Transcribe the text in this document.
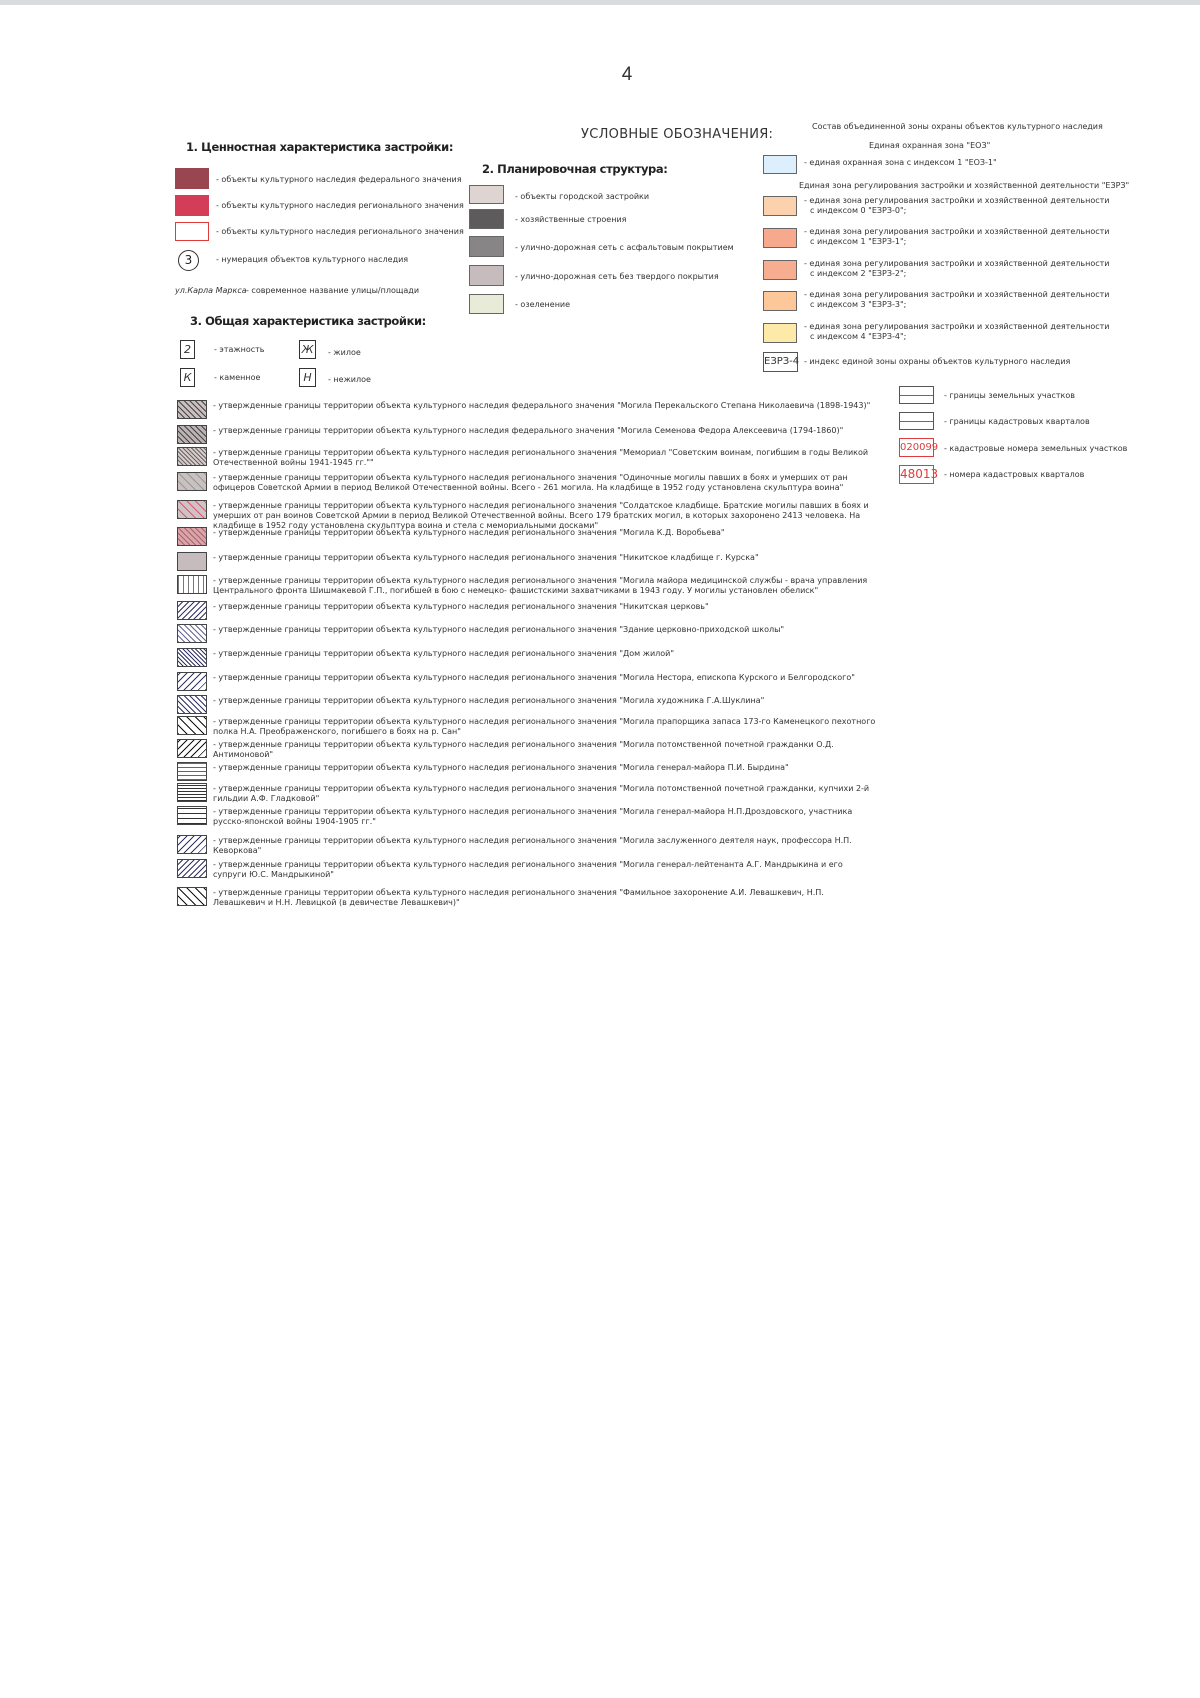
4
УСЛОВНЫЕ ОБОЗНАЧЕНИЯ:
1. Ценностная характеристика застройки:
- объекты культурного наследия федерального значения
- объекты культурного наследия регионального значения
- объекты культурного наследия регионального значения
3	- нумерация объектов культурного наследия
ул.Карла Маркса - современное название улицы/площади
3. Общая характеристика застройки:
2	- этажность	Ж	- жилое
К	- каменное	Н	- нежилое
2. Планировочная структура:
- объекты городской застройки
- хозяйственные строения
- улично-дорожная сеть с асфальтовым покрытием
- улично-дорожная сеть без твердого покрытия
- озеленение
Состав объединенной зоны охраны объектов культурного наследия
Единая охранная зона "ЕОЗ"
- единая охранная зона с индексом 1 "ЕОЗ-1"
Единая зона регулирования застройки и хозяйственной деятельности "ЕЗРЗ"
- единая зона регулирования застройки и хозяйственной деятельности
с индексом 0 "ЕЗРЗ-0";
- единая зона регулирования застройки и хозяйственной деятельности
с индексом 1 "ЕЗРЗ-1";
- единая зона регулирования застройки и хозяйственной деятельности
с индексом 2 "ЕЗРЗ-2";
- единая зона регулирования застройки и хозяйственной деятельности
с индексом 3 "ЕЗРЗ-3";
- единая зона регулирования застройки и хозяйственной деятельности
с индексом 4 "ЕЗРЗ-4";
ЕЗРЗ-4 - индекс единой зоны охраны объектов культурного наследия
- границы земельных участков
- границы кадастровых кварталов
020099 - кадастровые номера земельных участков
48013 - номера кадастровых кварталов
- утвержденные границы территории объекта культурного наследия федерального значения "Могила Перекальского Степана Николаевича (1898-1943)"
- утвержденные границы территории объекта культурного наследия федерального значения "Могила Семенова Федора Алексеевича (1794-1860)"
- утвержденные границы территории объекта культурного наследия регионального значения "Мемориал "Советским воинам, погибшим в годы Великой Отечественной войны 1941-1945 гг.""
- утвержденные границы территории объекта культурного наследия регионального значения "Одиночные могилы павших в боях и умерших от ран офицеров Советской Армии в период Великой Отечественной войны. Всего - 261 могила. На кладбище в 1952 году установлена скульптура воина"
- утвержденные границы территории объекта культурного наследия регионального значения "Солдатское кладбище. Братские могилы павших в боях и умерших от ран воинов Советской Армии в период Великой Отечественной войны. Всего 179 братских могил, в которых захоронено 2413 человека. На кладбище в 1952 году установлена скульптура воина и стела с мемориальными досками"
- утвержденные границы территории объекта культурного наследия регионального значения "Могила К.Д. Воробьева"
- утвержденные границы территории объекта культурного наследия регионального значения "Никитское кладбище г. Курска"
- утвержденные границы территории объекта культурного наследия регионального значения "Могила майора медицинской службы - врача управления Центрального фронта Шишмакевой Г.П., погибшей в бою с немецко- фашистскими захватчиками в 1943 году. У могилы установлен обелиск"
- утвержденные границы территории объекта культурного наследия регионального значения "Никитская церковь"
- утвержденные границы территории объекта культурного наследия регионального значения "Здание церковно-приходской школы"
- утвержденные границы территории объекта культурного наследия регионального значения "Дом жилой"
- утвержденные границы территории объекта культурного наследия регионального значения "Могила Нестора, епископа Курского и Белгородского"
- утвержденные границы территории объекта культурного наследия регионального значения "Могила художника Г.А.Шуклина"
- утвержденные границы территории объекта культурного наследия регионального значения "Могила прапорщика запаса 173-го Каменецкого пехотного полка Н.А. Преображенского, погибшего в боях на р. Сан"
- утвержденные границы территории объекта культурного наследия регионального значения "Могила потомственной почетной гражданки О.Д. Антимоновой"
- утвержденные границы территории объекта культурного наследия регионального значения "Могила генерал-майора П.И. Бырдина"
- утвержденные границы территории объекта культурного наследия регионального значения "Могила потомственной почетной гражданки, купчихи 2-й гильдии А.Ф. Гладковой"
- утвержденные границы территории объекта культурного наследия регионального значения "Могила генерал-майора Н.П.Дроздовского, участника русско-японской войны 1904-1905 гг."
- утвержденные границы территории объекта культурного наследия регионального значения "Могила заслуженного деятеля наук, профессора Н.П. Кеворкова"
- утвержденные границы территории объекта культурного наследия регионального значения "Могила генерал-лейтенанта А.Г. Мандрыкина и его супруги Ю.С. Мандрыкиной"
- утвержденные границы территории объекта культурного наследия регионального значения "Фамильное захоронение А.И. Левашкевич, Н.П. Левашкевич и Н.Н. Левицкой (в девичестве Левашкевич)"
